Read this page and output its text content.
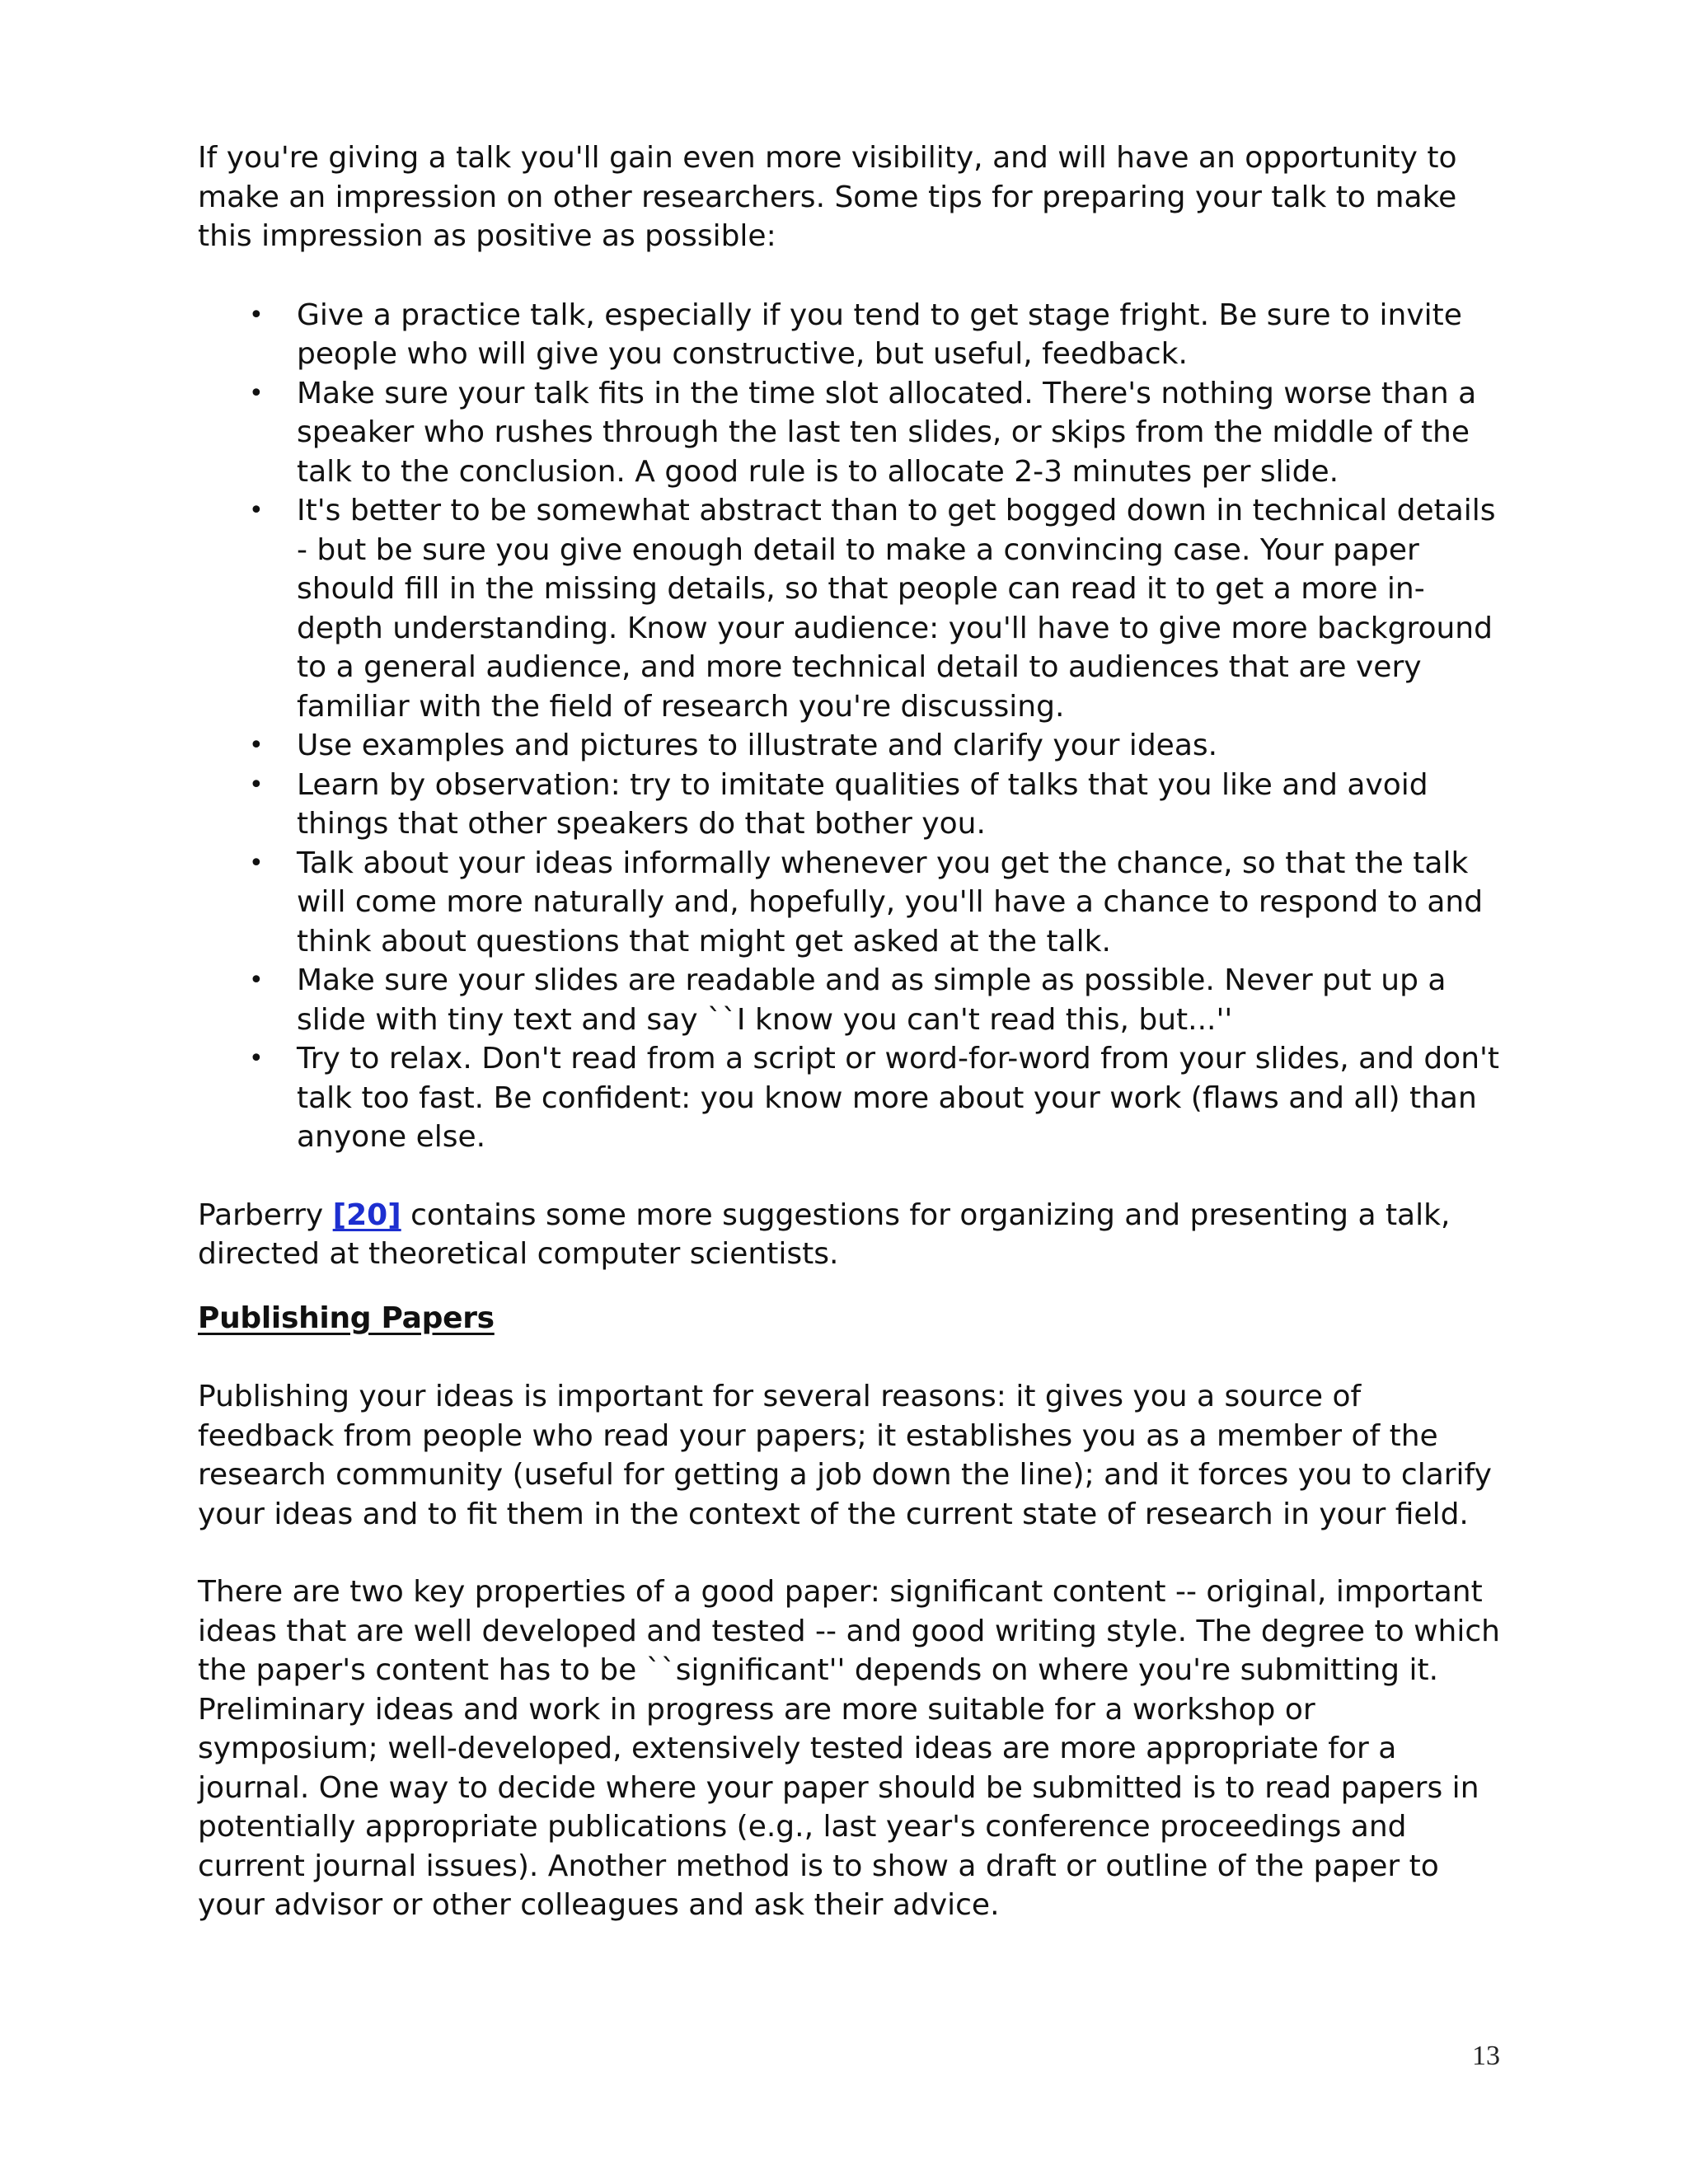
If you're giving a talk you'll gain even more visibility, and will have an opportunity to make an impression on other researchers. Some tips for preparing your talk to make this impression as positive as possible:

• Give a practice talk, especially if you tend to get stage fright. Be sure to invite people who will give you constructive, but useful, feedback.
• Make sure your talk fits in the time slot allocated. There's nothing worse than a speaker who rushes through the last ten slides, or skips from the middle of the talk to the conclusion. A good rule is to allocate 2-3 minutes per slide.
• It's better to be somewhat abstract than to get bogged down in technical details - but be sure you give enough detail to make a convincing case. Your paper should fill in the missing details, so that people can read it to get a more in-depth understanding. Know your audience: you'll have to give more background to a general audience, and more technical detail to audiences that are very familiar with the field of research you're discussing.
• Use examples and pictures to illustrate and clarify your ideas.
• Learn by observation: try to imitate qualities of talks that you like and avoid things that other speakers do that bother you.
• Talk about your ideas informally whenever you get the chance, so that the talk will come more naturally and, hopefully, you'll have a chance to respond to and think about questions that might get asked at the talk.
• Make sure your slides are readable and as simple as possible. Never put up a slide with tiny text and say ``I know you can't read this, but...''
• Try to relax. Don't read from a script or word-for-word from your slides, and don't talk too fast. Be confident: you know more about your work (flaws and all) than anyone else.

Parberry [20] contains some more suggestions for organizing and presenting a talk, directed at theoretical computer scientists.

Publishing Papers

Publishing your ideas is important for several reasons: it gives you a source of feedback from people who read your papers; it establishes you as a member of the research community (useful for getting a job down the line); and it forces you to clarify your ideas and to fit them in the context of the current state of research in your field.

There are two key properties of a good paper: significant content -- original, important ideas that are well developed and tested -- and good writing style. The degree to which the paper's content has to be ``significant'' depends on where you're submitting it. Preliminary ideas and work in progress are more suitable for a workshop or symposium; well-developed, extensively tested ideas are more appropriate for a journal. One way to decide where your paper should be submitted is to read papers in potentially appropriate publications (e.g., last year's conference proceedings and current journal issues). Another method is to show a draft or outline of the paper to your advisor or other colleagues and ask their advice.

13
